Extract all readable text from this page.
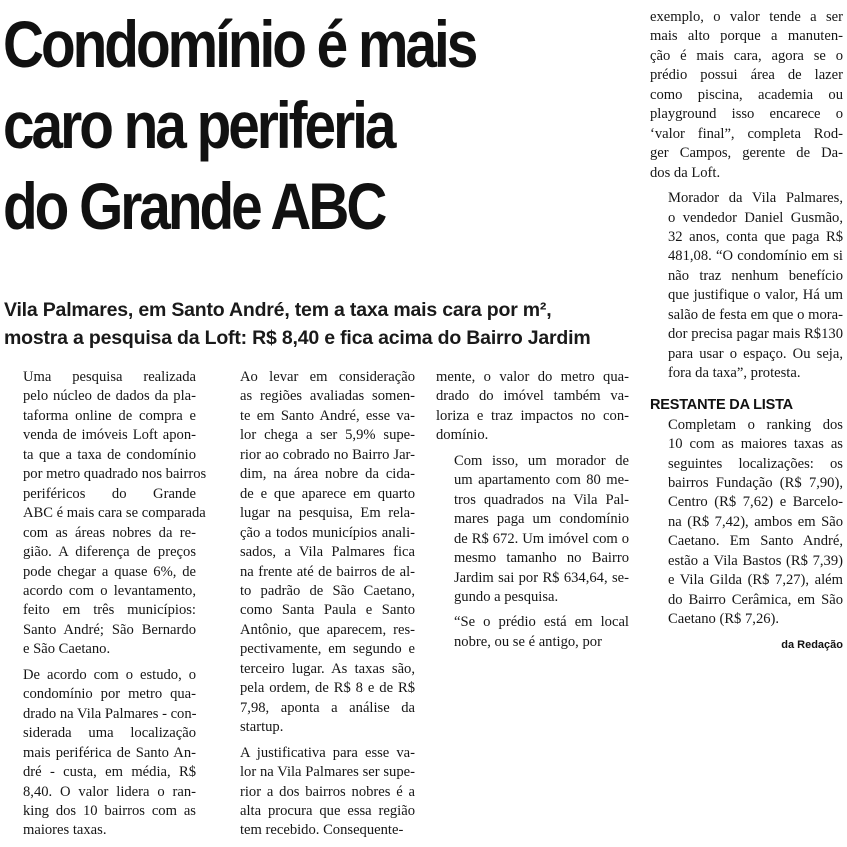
Condomínio é mais
caro na periferia
do Grande ABC
Vila Palmares, em Santo André, tem a taxa mais cara por m²,
mostra a pesquisa da Loft: R$ 8,40 e fica acima do Bairro Jardim

Uma pesquisa realizada
pelo núcleo de dados da pla-
taforma online de compra e
venda de imóveis Loft apon-
ta que a taxa de condomínio
por metro quadrado nos bairros
periféricos do Grande
ABC é mais cara se comparada
com as áreas nobres da re-
gião. A diferença de preços
pode chegar a quase 6%, de
acordo com o levantamento,
feito em três municípios:
Santo André; São Bernardo
e São Caetano.

De acordo com o estudo, o
condomínio por metro qua-
drado na Vila Palmares - con-
siderada uma localização
mais periférica de Santo An-
dré - custa, em média, R$
8,40. O valor lidera o ran-
king dos 10 bairros com as
maiores taxas.

Ao levar em consideração
as regiões avaliadas somen-
te em Santo André, esse va-
lor chega a ser 5,9% supe-
rior ao cobrado no Bairro Jar-
dim, na área nobre da cida-
de e que aparece em quarto
lugar na pesquisa, Em rela-
ção a todos municípios anali-
sados, a Vila Palmares fica
na frente até de bairros de al-
to padrão de São Caetano,
como Santa Paula e Santo
Antônio, que aparecem, res-
pectivamente, em segundo e
terceiro lugar. As taxas são,
pela ordem, de R$ 8 e de R$
7,98, aponta a análise da
startup.

A justificativa para esse va-
lor na Vila Palmares ser supe-
rior a dos bairros nobres é a
alta procura que essa região
tem recebido. Consequente-

mente, o valor do metro qua-
drado do imóvel também va-
loriza e traz impactos no con-
domínio.

Com isso, um morador de
um apartamento com 80 me-
tros quadrados na Vila Pal-
mares paga um condomínio
de R$ 672. Um imóvel com o
mesmo tamanho no Bairro
Jardim sai por R$ 634,64, se-
gundo a pesquisa.

“Se o prédio está em local
nobre, ou se é antigo, por

exemplo, o valor tende a ser
mais alto porque a manuten-
ção é mais cara, agora se o
prédio possui área de lazer
como piscina, academia ou
playground isso encarece o
‘valor final”, completa Rod-
ger Campos, gerente de Da-
dos da Loft.

Morador da Vila Palmares,
o vendedor Daniel Gusmão,
32 anos, conta que paga R$
481,08. “O condomínio em si
não traz nenhum benefício
que justifique o valor, Há um
salão de festa em que o mora-
dor precisa pagar mais R$130
para usar o espaço. Ou seja,
fora da taxa”, protesta.

RESTANTE DA LISTA

Completam o ranking dos
10 com as maiores taxas as
seguintes localizações: os
bairros Fundação (R$ 7,90),
Centro (R$ 7,62) e Barcelo-
na (R$ 7,42), ambos em São
Caetano. Em Santo André,
estão a Vila Bastos (R$ 7,39)
e Vila Gilda (R$ 7,27), além
do Bairro Cerâmica, em São
Caetano (R$ 7,26).

da Redação
